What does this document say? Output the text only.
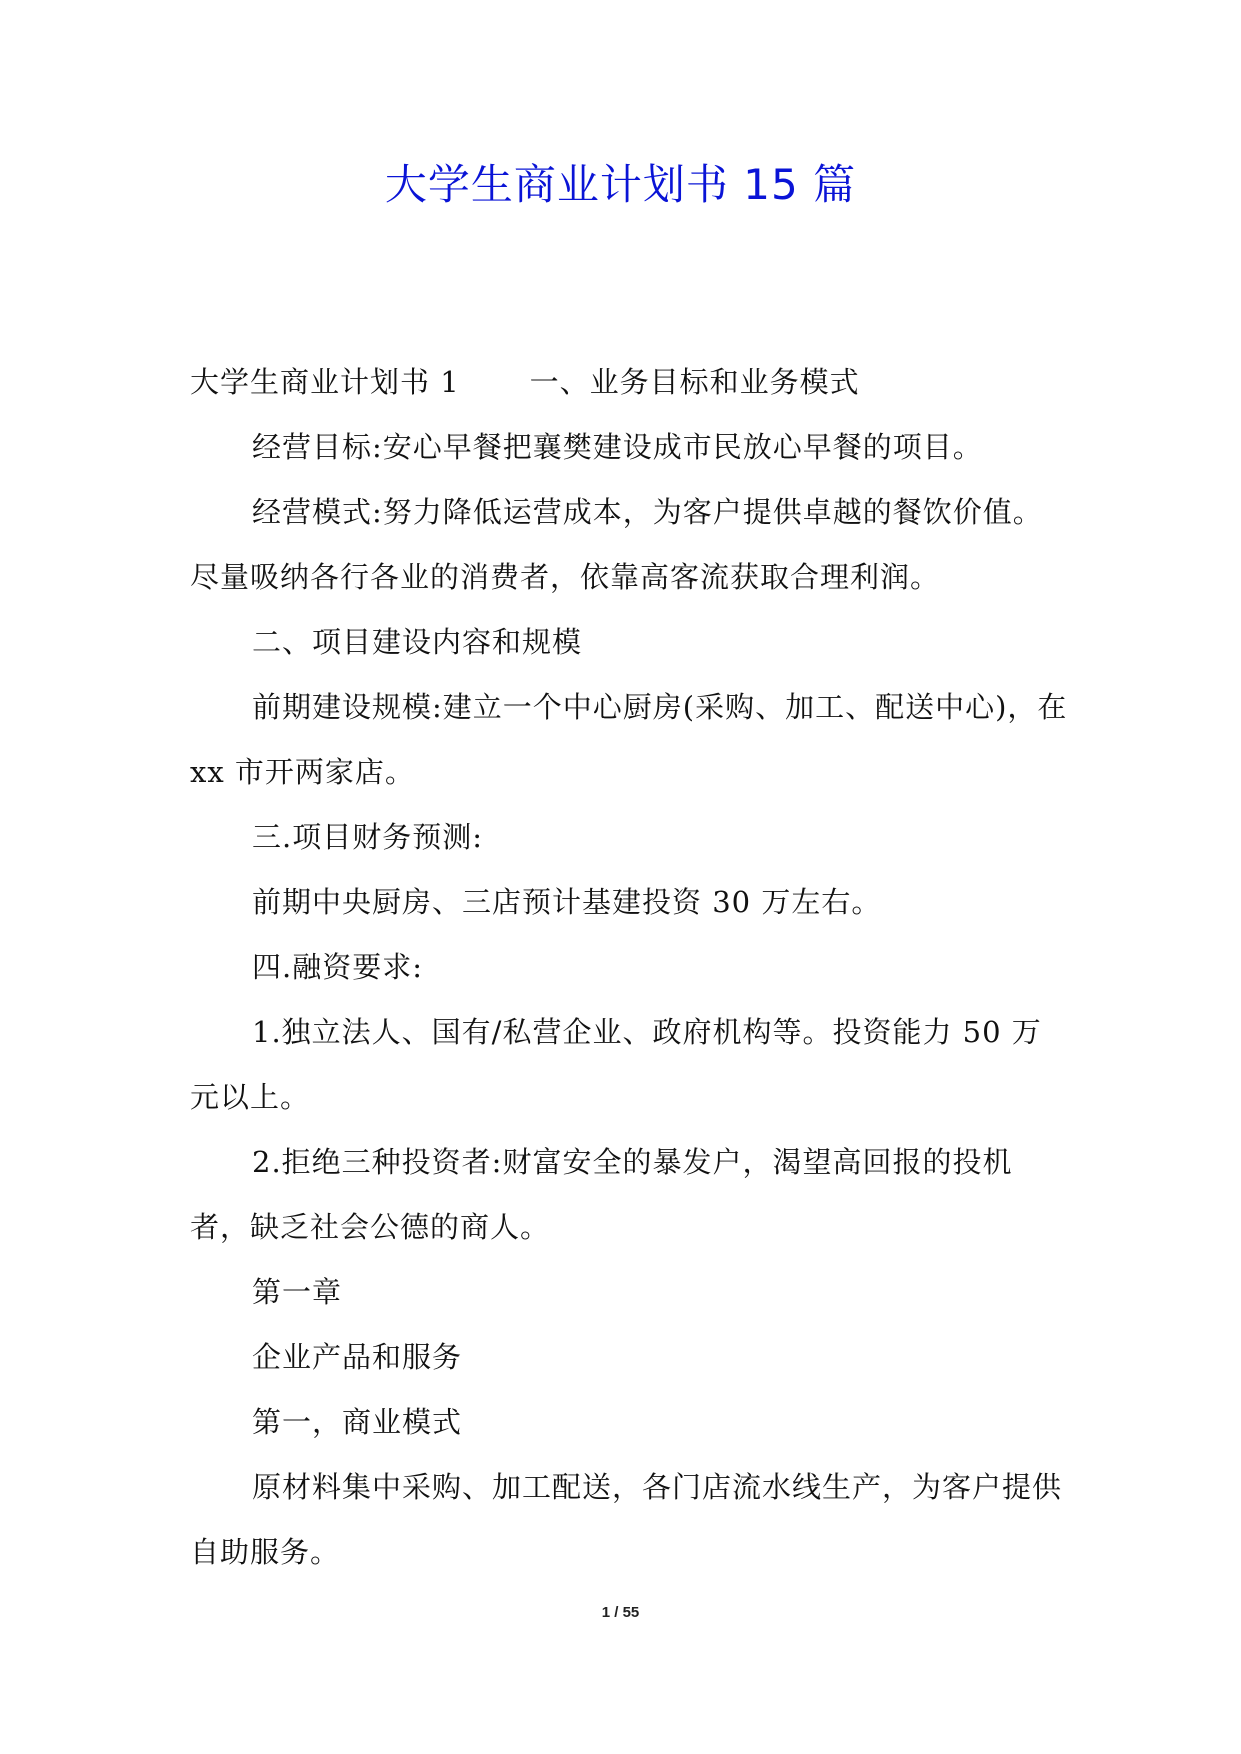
大学生商业计划书 15 篇

大学生商业计划书 1 一、业务目标和业务模式

经营目标:安心早餐把襄樊建设成市民放心早餐的项目。

经营模式:努力降低运营成本，为客户提供卓越的餐饮价值。尽量吸纳各行各业的消费者，依靠高客流获取合理利润。

二、项目建设内容和规模

前期建设规模:建立一个中心厨房(采购、加工、配送中心)，在 xx 市开两家店。

三.项目财务预测:

前期中央厨房、三店预计基建投资 30 万左右。

四.融资要求:

1.独立法人、国有/私营企业、政府机构等。投资能力 50 万元以上。

2.拒绝三种投资者:财富安全的暴发户，渴望高回报的投机者，缺乏社会公德的商人。

第一章

企业产品和服务

第一，商业模式

原材料集中采购、加工配送，各门店流水线生产，为客户提供自助服务。

1 / 55
